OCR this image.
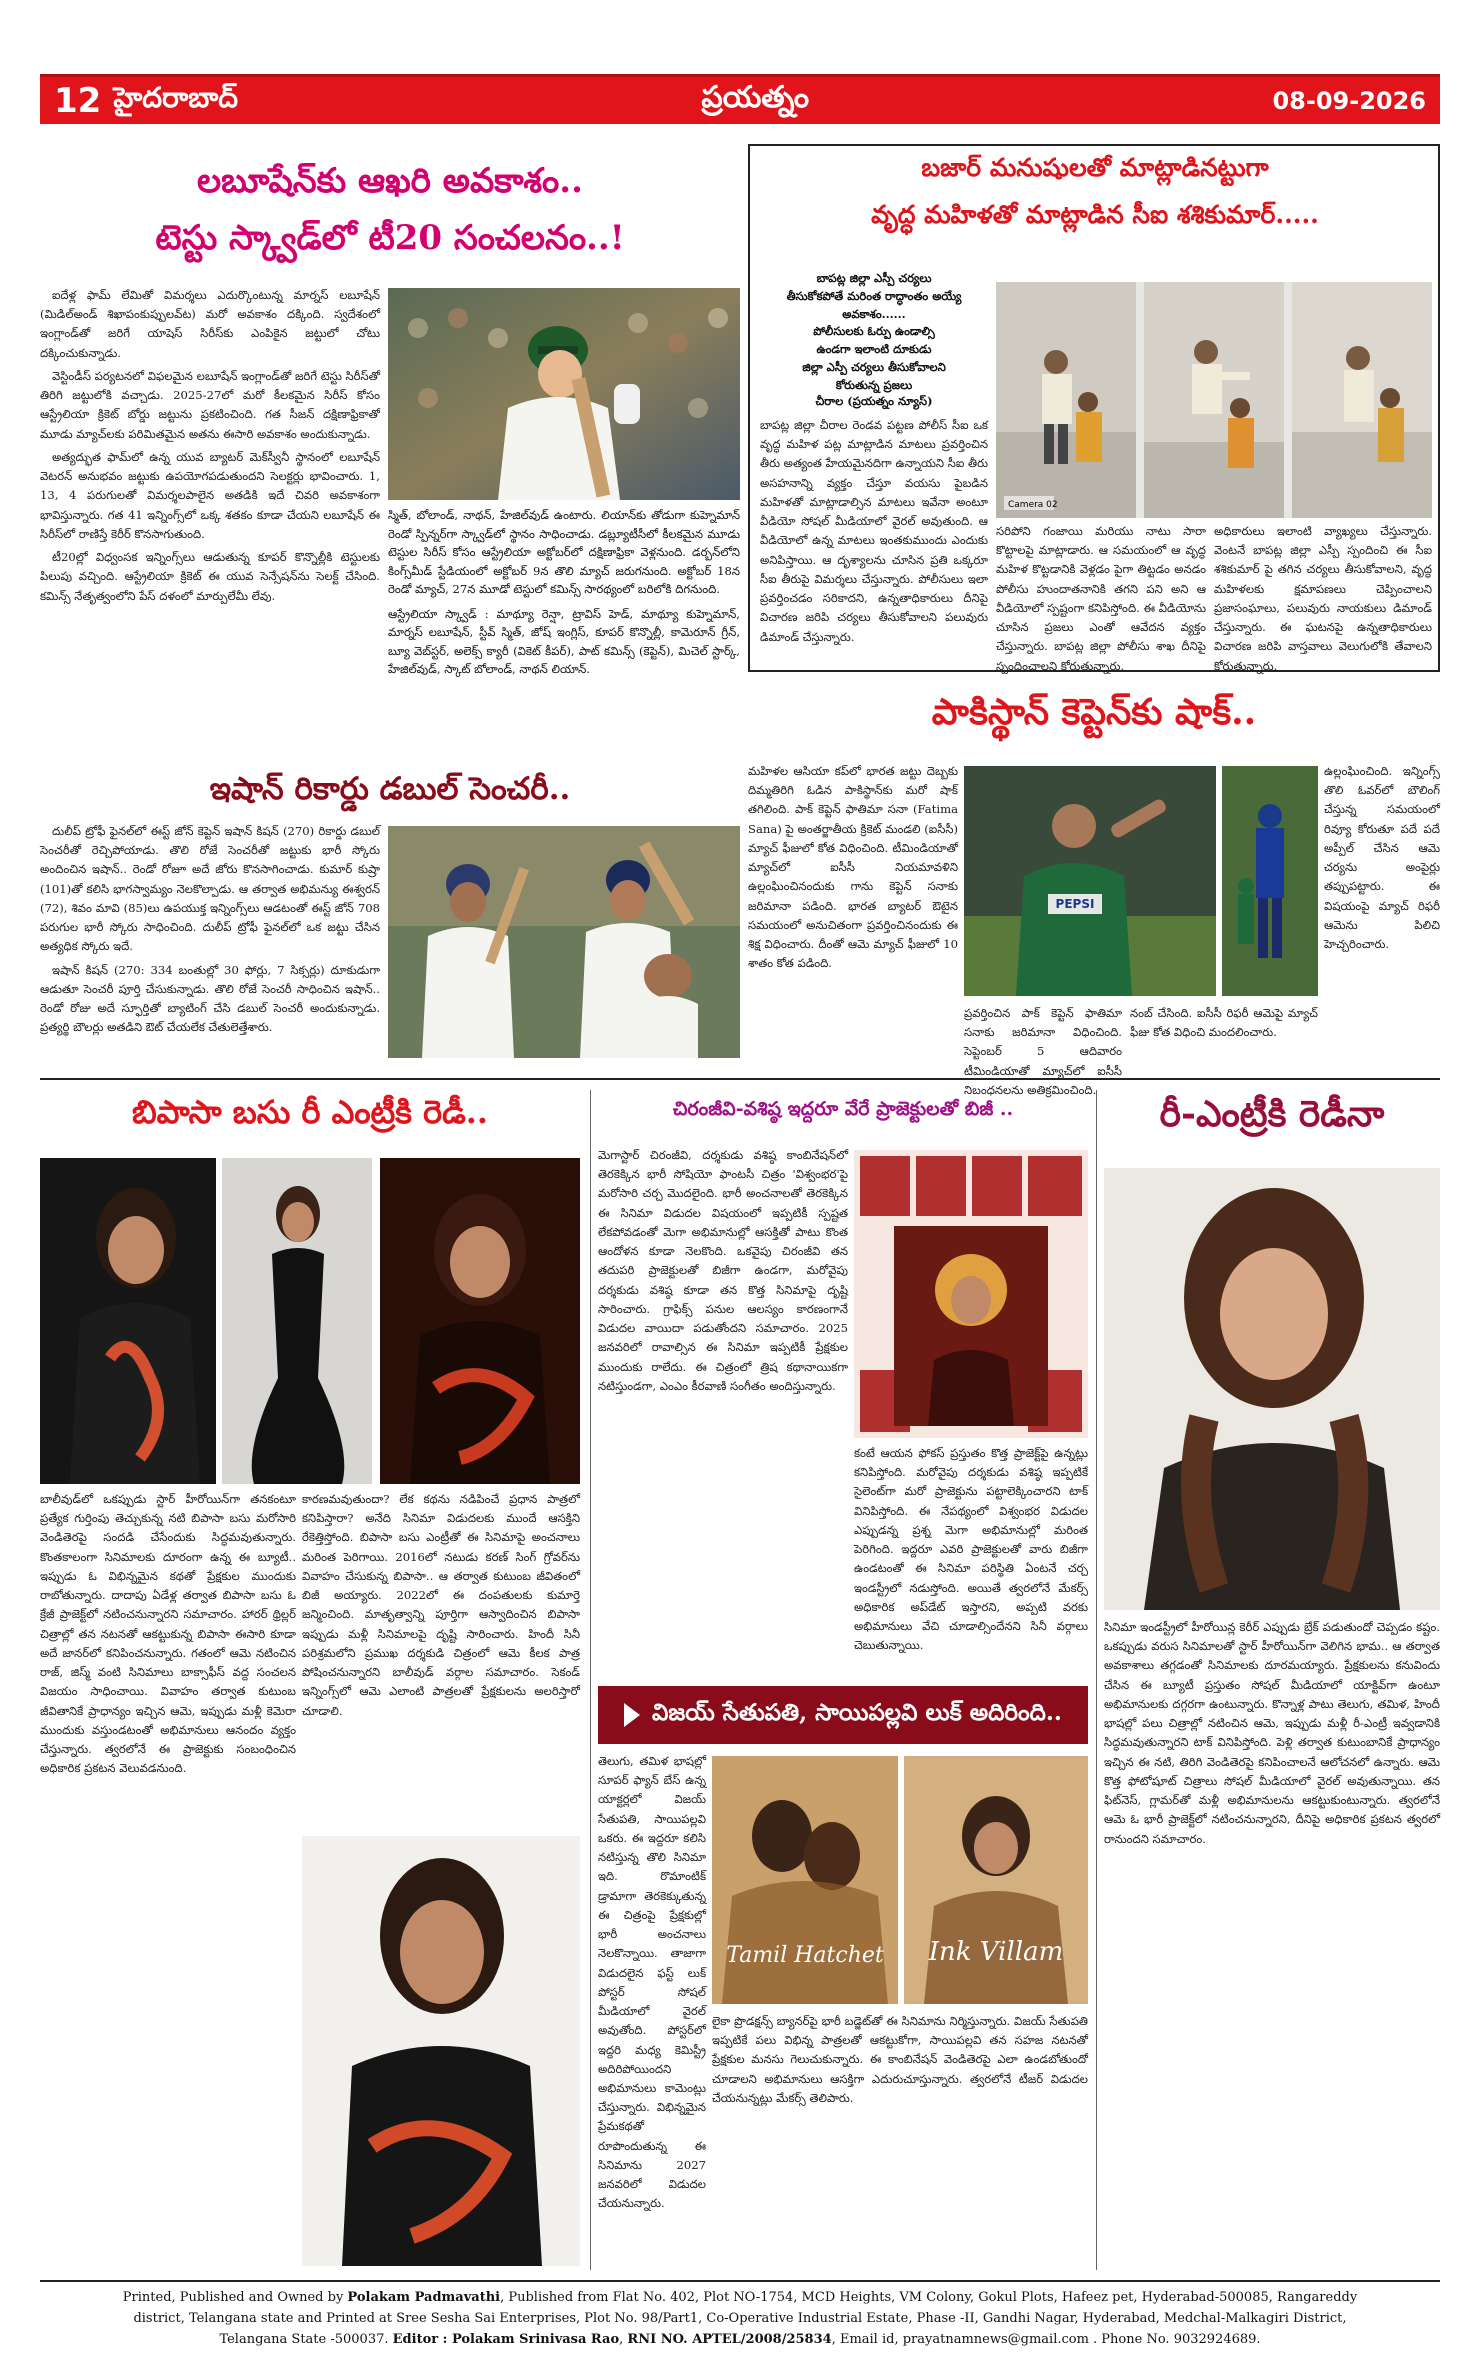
12 హైదరాబాద్	ప్రయత్నం	08-09-2026
లబూషేన్‌కు ఆఖరి అవకాశం..
టెస్టు స్క్వాడ్‌లో టీ20 సంచలనం..!

ఐదేళ్ల ఫామ్ లేమితో విమర్శలు ఎదుర్కొంటున్న మార్నస్ లబూషేన్ (మిడిల్‌అండ్ శిఖాపంకుప్పులవ్‌ట) మరో అవకాశం దక్కింది. స్వదేశంలో ఇంగ్లాండ్‌తో జరిగే యాషెస్ సిరీస్‌కు ఎంపికైన జట్టులో చోటు దక్కించుకున్నాడు.

వెస్టిండీస్ పర్యటనలో విఫలమైన లబూషేన్ ఇంగ్లాండ్‌తో జరిగే టెస్టు సిరీస్‌తో తిరిగి జట్టులోకి వచ్చాడు. 2025-27లో మరో కీలకమైన సిరీస్ కోసం ఆస్ట్రేలియా క్రికెట్ బోర్డు జట్టును ప్రకటించింది. గత సీజన్ దక్షిణాఫ్రికాతో మూడు మ్యాచ్‌లకు పరిమితమైన అతను ఈసారి అవకాశం అందుకున్నాడు.

అత్యద్భుత ఫామ్‌లో ఉన్న యువ బ్యాటర్ మెక్‌స్వీనీ స్థానంలో లబూషేన్ వెటరన్ అనుభవం జట్టుకు ఉపయోగపడుతుందని సెలక్టర్లు భావించారు. 1, 13, 4 పరుగులతో విమర్శలపాలైన అతడికి ఇదే చివరి అవకాశంగా భావిస్తున్నారు. గత 41 ఇన్నింగ్స్‌లో ఒక్క శతకం కూడా చేయని లబూషేన్ ఈ సిరీస్‌లో రాణిస్తే కెరీర్ కొనసాగుతుంది.

టీ20ల్లో విధ్వంసక ఇన్నింగ్స్‌లు ఆడుతున్న కూపర్ కొన్నొల్లీకి టెస్టులకు పిలుపు వచ్చింది. ఆస్ట్రేలియా క్రికెట్ ఈ యువ సెన్సేషన్‌ను సెలక్ట్ చేసింది. కమిన్స్ నేతృత్వంలోని పేస్ దళంలో మార్పులేమీ లేవు.

స్మిత్, బోలాండ్, నాథన్, హేజిల్‌వుడ్ ఉంటారు. లియాన్‌కు తోడుగా కుహ్నెమాన్ రెండో స్పిన్నర్‌గా స్క్వాడ్‌లో స్థానం సాధించాడు. డబ్ల్యూటీసీలో కీలకమైన మూడు టెస్టుల సిరీస్ కోసం ఆస్ట్రేలియా అక్టోబర్‌లో దక్షిణాఫ్రికా వెళ్లనుంది. డర్బన్‌లోని కింగ్స్‌మీడ్ స్టేడియంలో అక్టోబర్ 9న తొలి మ్యాచ్ జరుగనుంది. అక్టోబర్ 18న రెండో మ్యాచ్, 27న మూడో టెస్టులో కమిన్స్ సారథ్యంలో బరిలోకి దిగనుంది.

ఆస్ట్రేలియా స్క్వాడ్ : మాథ్యూ రెన్షా, ట్రావిస్ హెడ్, మాథ్యూ కుహ్నెమాన్, మార్నస్ లబూషేన్, స్టీవ్ స్మిత్, జోష్ ఇంగ్లిస్, కూపర్ కొన్నొల్లీ, కామెరూన్ గ్రీన్, బ్యూ వెబ్‌స్టర్, అలెక్స్ క్యారీ (వికెట్ కీపర్), పాట్ కమిన్స్ (కెప్టెన్), మిచెల్ స్టార్క్, హేజిల్‌వుడ్, స్కాట్ బోలాండ్, నాథన్ లియాన్.

బజార్ మనుషులతో మాట్లాడినట్టుగా
వృద్ధ మహిళతో మాట్లాడిన సీఐ శశికుమార్.....
బాపట్ల జిల్లా ఎస్పీ చర్యలు
తీసుకోకపోతే మరింత రాద్ధాంతం అయ్యే
అవకాశం......
పోలీసులకు ఓర్పు ఉండాల్సి
ఉండగా ఇలాంటి దూకుడు
జిల్లా ఎస్పీ చర్యలు తీసుకోవాలని
కోరుతున్న ప్రజలు
చీరాల (ప్రయత్నం న్యూస్)
బాపట్ల జిల్లా చీరాల రెండవ పట్టణ పోలీస్ సీఐ ఒక వృద్ధ మహిళ పట్ల మాట్లాడిన మాటలు ప్రవర్తించిన తీరు అత్యంత హేయమైనదిగా ఉన్నాయని సీఐ తీరు అసహనాన్ని వ్యక్తం చేస్తూ వయసు పైబడిన మహిళతో మాట్లాడాల్సిన మాటలు ఇవేనా అంటూ వీడియో సోషల్ మీడియాలో వైరల్ అవుతుంది. ఆ వీడియోలో ఉన్న మాటలు ఇంతకుముందు ఎందుకు అనిపిస్తాయి. ఆ దృశ్యాలను చూసిన ప్రతి ఒక్కరూ సీఐ తీరుపై విమర్శలు చేస్తున్నారు. పోలీసులు ఇలా ప్రవర్తించడం సరికాదని, ఉన్నతాధికారులు దీనిపై విచారణ జరిపి చర్యలు తీసుకోవాలని పలువురు డిమాండ్ చేస్తున్నారు.
Camera 02
సరిపోని గంజాయి మరియు నాటు సారా కొట్టాలపై మాట్లాడారు. ఆ సమయంలో ఆ వృద్ధ మహిళ కొట్టడానికి వెళ్లడం పైగా తిట్టడం అనడం పోలీసు హుందాతనానికి తగని పని అని ఆ వీడియోలో స్పష్టంగా కనిపిస్తోంది. ఈ వీడియోను చూసిన ప్రజలు ఎంతో ఆవేదన వ్యక్తం చేస్తున్నారు. బాపట్ల జిల్లా పోలీసు శాఖ దీనిపై స్పందించాలని కోరుతున్నారు.
అధికారులు ఇలాంటి వ్యాఖ్యలు చేస్తున్నారు. వెంటనే బాపట్ల జిల్లా ఎస్పీ స్పందించి ఈ సీఐ శశికుమార్ పై తగిన చర్యలు తీసుకోవాలని, వృద్ధ మహిళలకు క్షమాపణలు చెప్పించాలని ప్రజాసంఘాలు, పలువురు నాయకులు డిమాండ్ చేస్తున్నారు. ఈ ఘటనపై ఉన్నతాధికారులు విచారణ జరిపి వాస్తవాలు వెలుగులోకి తేవాలని కోరుతున్నారు.
పాకిస్థాన్ కెప్టెన్‌కు షాక్..
మహిళల ఆసియా కప్‌లో భారత జట్టు దెబ్బకు దిమ్మతిరిగి ఓడిన పాకిస్థాన్‌కు మరో షాక్ తగిలింది. పాక్ కెప్టెన్ ఫాతిమా సనా (Fatima Sana) పై అంతర్జాతీయ క్రికెట్ మండలి (ఐసీసీ) మ్యాచ్ ఫీజులో కోత విధించింది. టీమిండియాతో మ్యాచ్‌లో ఐసీసీ నియమావళిని ఉల్లంఘించినందుకు గాను కెప్టెన్ సనాకు జరిమానా పడింది. భారత బ్యాటర్ ఔటైన సమయంలో అనుచితంగా ప్రవర్తించినందుకు ఈ శిక్ష విధించారు. దీంతో ఆమె మ్యాచ్ ఫీజులో 10 శాతం కోత పడింది.
PEPSI
ఉల్లంఘించింది. ఇన్నింగ్స్ తొలి ఓవర్‌లో బౌలింగ్ చేస్తున్న సమయంలో రివ్యూ కోరుతూ పదే పదే అప్పీల్ చేసిన ఆమె చర్యను అంపైర్లు తప్పుపట్టారు. ఈ విషయంపై మ్యాచ్ రిఫరీ ఆమెను పిలిచి హెచ్చరించారు.
ప్రవర్తించిన పాక్ కెప్టెన్ ఫాతిమా సనాకు జరిమానా విధించింది. సెప్టెంబర్ 5 ఆదివారం టీమిండియాతో మ్యాచ్‌లో ఐసీసీ నిబంధనలను అతిక్రమించింది.
నంబ్ చేసింది. ఐసీసీ రిఫరీ ఆమెపై మ్యాచ్ ఫీజు కోత విధించి మందలించారు.
ఇషాన్ రికార్డు డబుల్ సెంచరీ..

దులీప్ ట్రోఫీ ఫైనల్‌లో ఈస్ట్ జోన్ కెప్టెన్ ఇషాన్ కిషన్ (270) రికార్డు డబుల్ సెంచరీతో రెచ్చిపోయాడు. తొలి రోజే సెంచరీతో జట్టుకు భారీ స్కోరు అందించిన ఇషాన్.. రెండో రోజూ అదే జోరు కొనసాగించాడు. కుమార్ కుష్రా (101)తో కలిసి భాగస్వామ్యం నెలకొల్పాడు. ఆ తర్వాత అభిమన్యు ఈశ్వరన్ (72), శివం మావి (85)లు ఉపయుక్త ఇన్నింగ్స్‌లు ఆడటంతో ఈస్ట్ జోన్ 708 పరుగుల భారీ స్కోరు సాధించింది. దులీప్ ట్రోఫీ ఫైనల్‌లో ఒక జట్టు చేసిన అత్యధిక స్కోరు ఇదే.

ఇషాన్ కిషన్ (270: 334 బంతుల్లో 30 ఫోర్లు, 7 సిక్సర్లు) దూకుడుగా ఆడుతూ సెంచరీ పూర్తి చేసుకున్నాడు. తొలి రోజే సెంచరీ సాధించిన ఇషాన్.. రెండో రోజు అదే స్ఫూర్తితో బ్యాటింగ్ చేసి డబుల్ సెంచరీ అందుకున్నాడు. ప్రత్యర్థి బౌలర్లు అతడిని ఔట్ చేయలేక చేతులెత్తేశారు.

బిపాసా బసు రీ ఎంట్రీకి రెడీ..
బాలీవుడ్‌లో ఒకప్పుడు స్టార్ హీరోయిన్‌గా తనకంటూ ప్రత్యేక గుర్తింపు తెచ్చుకున్న నటి బిపాసా బసు మరోసారి వెండితెరపై సందడి చేసేందుకు సిద్ధమవుతున్నారు. కొంతకాలంగా సినిమాలకు దూరంగా ఉన్న ఈ బ్యూటీ.. ఇప్పుడు ఓ విభిన్నమైన కథతో ప్రేక్షకుల ముందుకు రాబోతున్నారు. దాదాపు ఏడేళ్ల తర్వాత బిపాసా బసు ఓ క్రేజీ ప్రాజెక్ట్‌లో నటించనున్నారని సమాచారం. హారర్ థ్రిల్లర్ చిత్రాల్లో తన నటనతో ఆకట్టుకున్న బిపాసా ఈసారి కూడా అదే జానర్‌లో కనిపించనున్నారు. గతంలో ఆమె నటించిన రాజ్, జిస్మ్ వంటి సినిమాలు బాక్సాఫీస్ వద్ద సంచలన విజయం సాధించాయి. వివాహం తర్వాత కుటుంబ జీవితానికే ప్రాధాన్యం ఇచ్చిన ఆమె, ఇప్పుడు మళ్లీ కెమెరా ముందుకు వస్తుండటంతో అభిమానులు ఆనందం వ్యక్తం చేస్తున్నారు. త్వరలోనే ఈ ప్రాజెక్టుకు సంబంధించిన అధికారిక ప్రకటన వెలువడనుంది.
కారణమవుతుందా? లేక కథను నడిపించే ప్రధాన పాత్రలో కనిపిస్తారా? అనేది సినిమా విడుదలకు ముందే ఆసక్తిని రేకెత్తిస్తోంది. బిపాసా బసు ఎంట్రీతో ఈ సినిమాపై అంచనాలు మరింత పెరిగాయి. 2016లో నటుడు కరణ్ సింగ్ గ్రోవర్‌ను వివాహం చేసుకున్న బిపాసా.. ఆ తర్వాత కుటుంబ జీవితంలో బిజీ అయ్యారు. 2022లో ఈ దంపతులకు కుమార్తె జన్మించింది. మాతృత్వాన్ని పూర్తిగా ఆస్వాదించిన బిపాసా ఇప్పుడు మళ్లీ సినిమాలపై దృష్టి సారించారు. హిందీ సినీ పరిశ్రమలోని ప్రముఖ దర్శకుడి చిత్రంలో ఆమె కీలక పాత్ర పోషించనున్నారని బాలీవుడ్ వర్గాల సమాచారం. సెకండ్ ఇన్నింగ్స్‌లో ఆమె ఎలాంటి పాత్రలతో ప్రేక్షకులను అలరిస్తారో చూడాలి.
చిరంజీవి-వశిష్ఠ ఇద్దరూ వేరే ప్రాజెక్టులతో బిజీ ..
మెగాస్టార్ చిరంజీవి, దర్శకుడు వశిష్ఠ కాంబినేషన్‌లో తెరకెక్కిన భారీ సోషియో ఫాంటసీ చిత్రం 'విశ్వంభర'పై మరోసారి చర్చ మొదలైంది. భారీ అంచనాలతో తెరకెక్కిన ఈ సినిమా విడుదల విషయంలో ఇప్పటికీ స్పష్టత లేకపోవడంతో మెగా అభిమానుల్లో ఆసక్తితో పాటు కొంత ఆందోళన కూడా నెలకొంది. ఒకవైపు చిరంజీవి తన తదుపరి ప్రాజెక్టులతో బిజీగా ఉండగా, మరోవైపు దర్శకుడు వశిష్ఠ కూడా తన కొత్త సినిమాపై దృష్టి సారించారు. గ్రాఫిక్స్ పనుల ఆలస్యం కారణంగానే విడుదల వాయిదా పడుతోందని సమాచారం. 2025 జనవరిలో రావాల్సిన ఈ సినిమా ఇప్పటికీ ప్రేక్షకుల ముందుకు రాలేదు. ఈ చిత్రంలో త్రిష కథానాయికగా నటిస్తుండగా, ఎంఎం కీరవాణి సంగీతం అందిస్తున్నారు.
కంటే ఆయన ఫోకస్ ప్రస్తుతం కొత్త ప్రాజెక్ట్‌పై ఉన్నట్లు కనిపిస్తోంది. మరోవైపు దర్శకుడు వశిష్ఠ ఇప్పటికే సైలెంట్‌గా మరో ప్రాజెక్టును పట్టాలెక్కించారని టాక్ వినిపిస్తోంది. ఈ నేపథ్యంలో విశ్వంభర విడుదల ఎప్పుడన్న ప్రశ్న మెగా అభిమానుల్లో మరింత పెరిగింది. ఇద్దరూ ఎవరి ప్రాజెక్టులతో వారు బిజీగా ఉండటంతో ఈ సినిమా పరిస్థితి ఏంటనే చర్చ ఇండస్ట్రీలో నడుస్తోంది. అయితే త్వరలోనే మేకర్స్ అధికారిక అప్‌డేట్ ఇస్తారని, అప్పటి వరకు అభిమానులు వేచి చూడాల్సిందేనని సినీ వర్గాలు చెబుతున్నాయి.
విజయ్ సేతుపతి, సాయిపల్లవి లుక్ అదిరింది..
తెలుగు, తమిళ భాషల్లో సూపర్ ఫ్యాన్ బేస్ ఉన్న యాక్టర్లలో విజయ్ సేతుపతి, సాయిపల్లవి ఒకరు. ఈ ఇద్దరూ కలిసి నటిస్తున్న తొలి సినిమా ఇది. రొమాంటిక్ డ్రామాగా తెరకెక్కుతున్న ఈ చిత్రంపై ప్రేక్షకుల్లో భారీ అంచనాలు నెలకొన్నాయి. తాజాగా విడుదలైన ఫస్ట్ లుక్ పోస్టర్ సోషల్ మీడియాలో వైరల్ అవుతోంది. పోస్టర్‌లో ఇద్దరి మధ్య కెమిస్ట్రీ అదిరిపోయిందని అభిమానులు కామెంట్లు చేస్తున్నారు. విభిన్నమైన ప్రేమకథతో రూపొందుతున్న ఈ సినిమాను 2027 జనవరిలో విడుదల చేయనున్నారు.
Tamil Hatchet Ink Villam
లైకా ప్రొడక్షన్స్ బ్యానర్‌పై భారీ బడ్జెట్‌తో ఈ సినిమాను నిర్మిస్తున్నారు. విజయ్ సేతుపతి ఇప్పటికే పలు విభిన్న పాత్రలతో ఆకట్టుకోగా, సాయిపల్లవి తన సహజ నటనతో ప్రేక్షకుల మనసు గెలుచుకున్నారు. ఈ కాంబినేషన్ వెండితెరపై ఎలా ఉండబోతుందో చూడాలని అభిమానులు ఆసక్తిగా ఎదురుచూస్తున్నారు. త్వరలోనే టీజర్ విడుదల చేయనున్నట్లు మేకర్స్ తెలిపారు.
రీ-ఎంట్రీకి రెడీనా
సినిమా ఇండస్ట్రీలో హీరోయిన్ల కెరీర్ ఎప్పుడు బ్రేక్ పడుతుందో చెప్పడం కష్టం. ఒకప్పుడు వరుస సినిమాలతో స్టార్ హీరోయిన్‌గా వెలిగిన భామ.. ఆ తర్వాత అవకాశాలు తగ్గడంతో సినిమాలకు దూరమయ్యారు. ప్రేక్షకులను కనువిందు చేసిన ఈ బ్యూటీ ప్రస్తుతం సోషల్ మీడియాలో యాక్టివ్‌గా ఉంటూ అభిమానులకు దగ్గరగా ఉంటున్నారు. కొన్నాళ్ల పాటు తెలుగు, తమిళ, హిందీ భాషల్లో పలు చిత్రాల్లో నటించిన ఆమె, ఇప్పుడు మళ్లీ రీ-ఎంట్రీ ఇవ్వడానికి సిద్ధమవుతున్నారని టాక్ వినిపిస్తోంది. పెళ్లి తర్వాత కుటుంబానికే ప్రాధాన్యం ఇచ్చిన ఈ నటి, తిరిగి వెండితెరపై కనిపించాలనే ఆలోచనలో ఉన్నారు. ఆమె కొత్త ఫోటోషూట్ చిత్రాలు సోషల్ మీడియాలో వైరల్ అవుతున్నాయి. తన ఫిట్‌నెస్, గ్లామర్‌తో మళ్లీ అభిమానులను ఆకట్టుకుంటున్నారు. త్వరలోనే ఆమె ఓ భారీ ప్రాజెక్ట్‌లో నటించనున్నారని, దీనిపై అధికారిక ప్రకటన త్వరలో రానుందని సమాచారం.
Printed, Published and Owned by Polakam Padmavathi, Published from Flat No. 402, Plot NO-1754, MCD Heights, VM Colony, Gokul Plots, Hafeez pet, Hyderabad-500085, Rangareddy
district, Telangana state and Printed at Sree Sesha Sai Enterprises, Plot No. 98/Part1, Co-Operative Industrial Estate, Phase -II, Gandhi Nagar, Hyderabad, Medchal-Malkagiri District,
Telangana State -500037. Editor : Polakam Srinivasa Rao, RNI NO. APTEL/2008/25834, Email id, prayatnamnews@gmail.com . Phone No. 9032924689.
